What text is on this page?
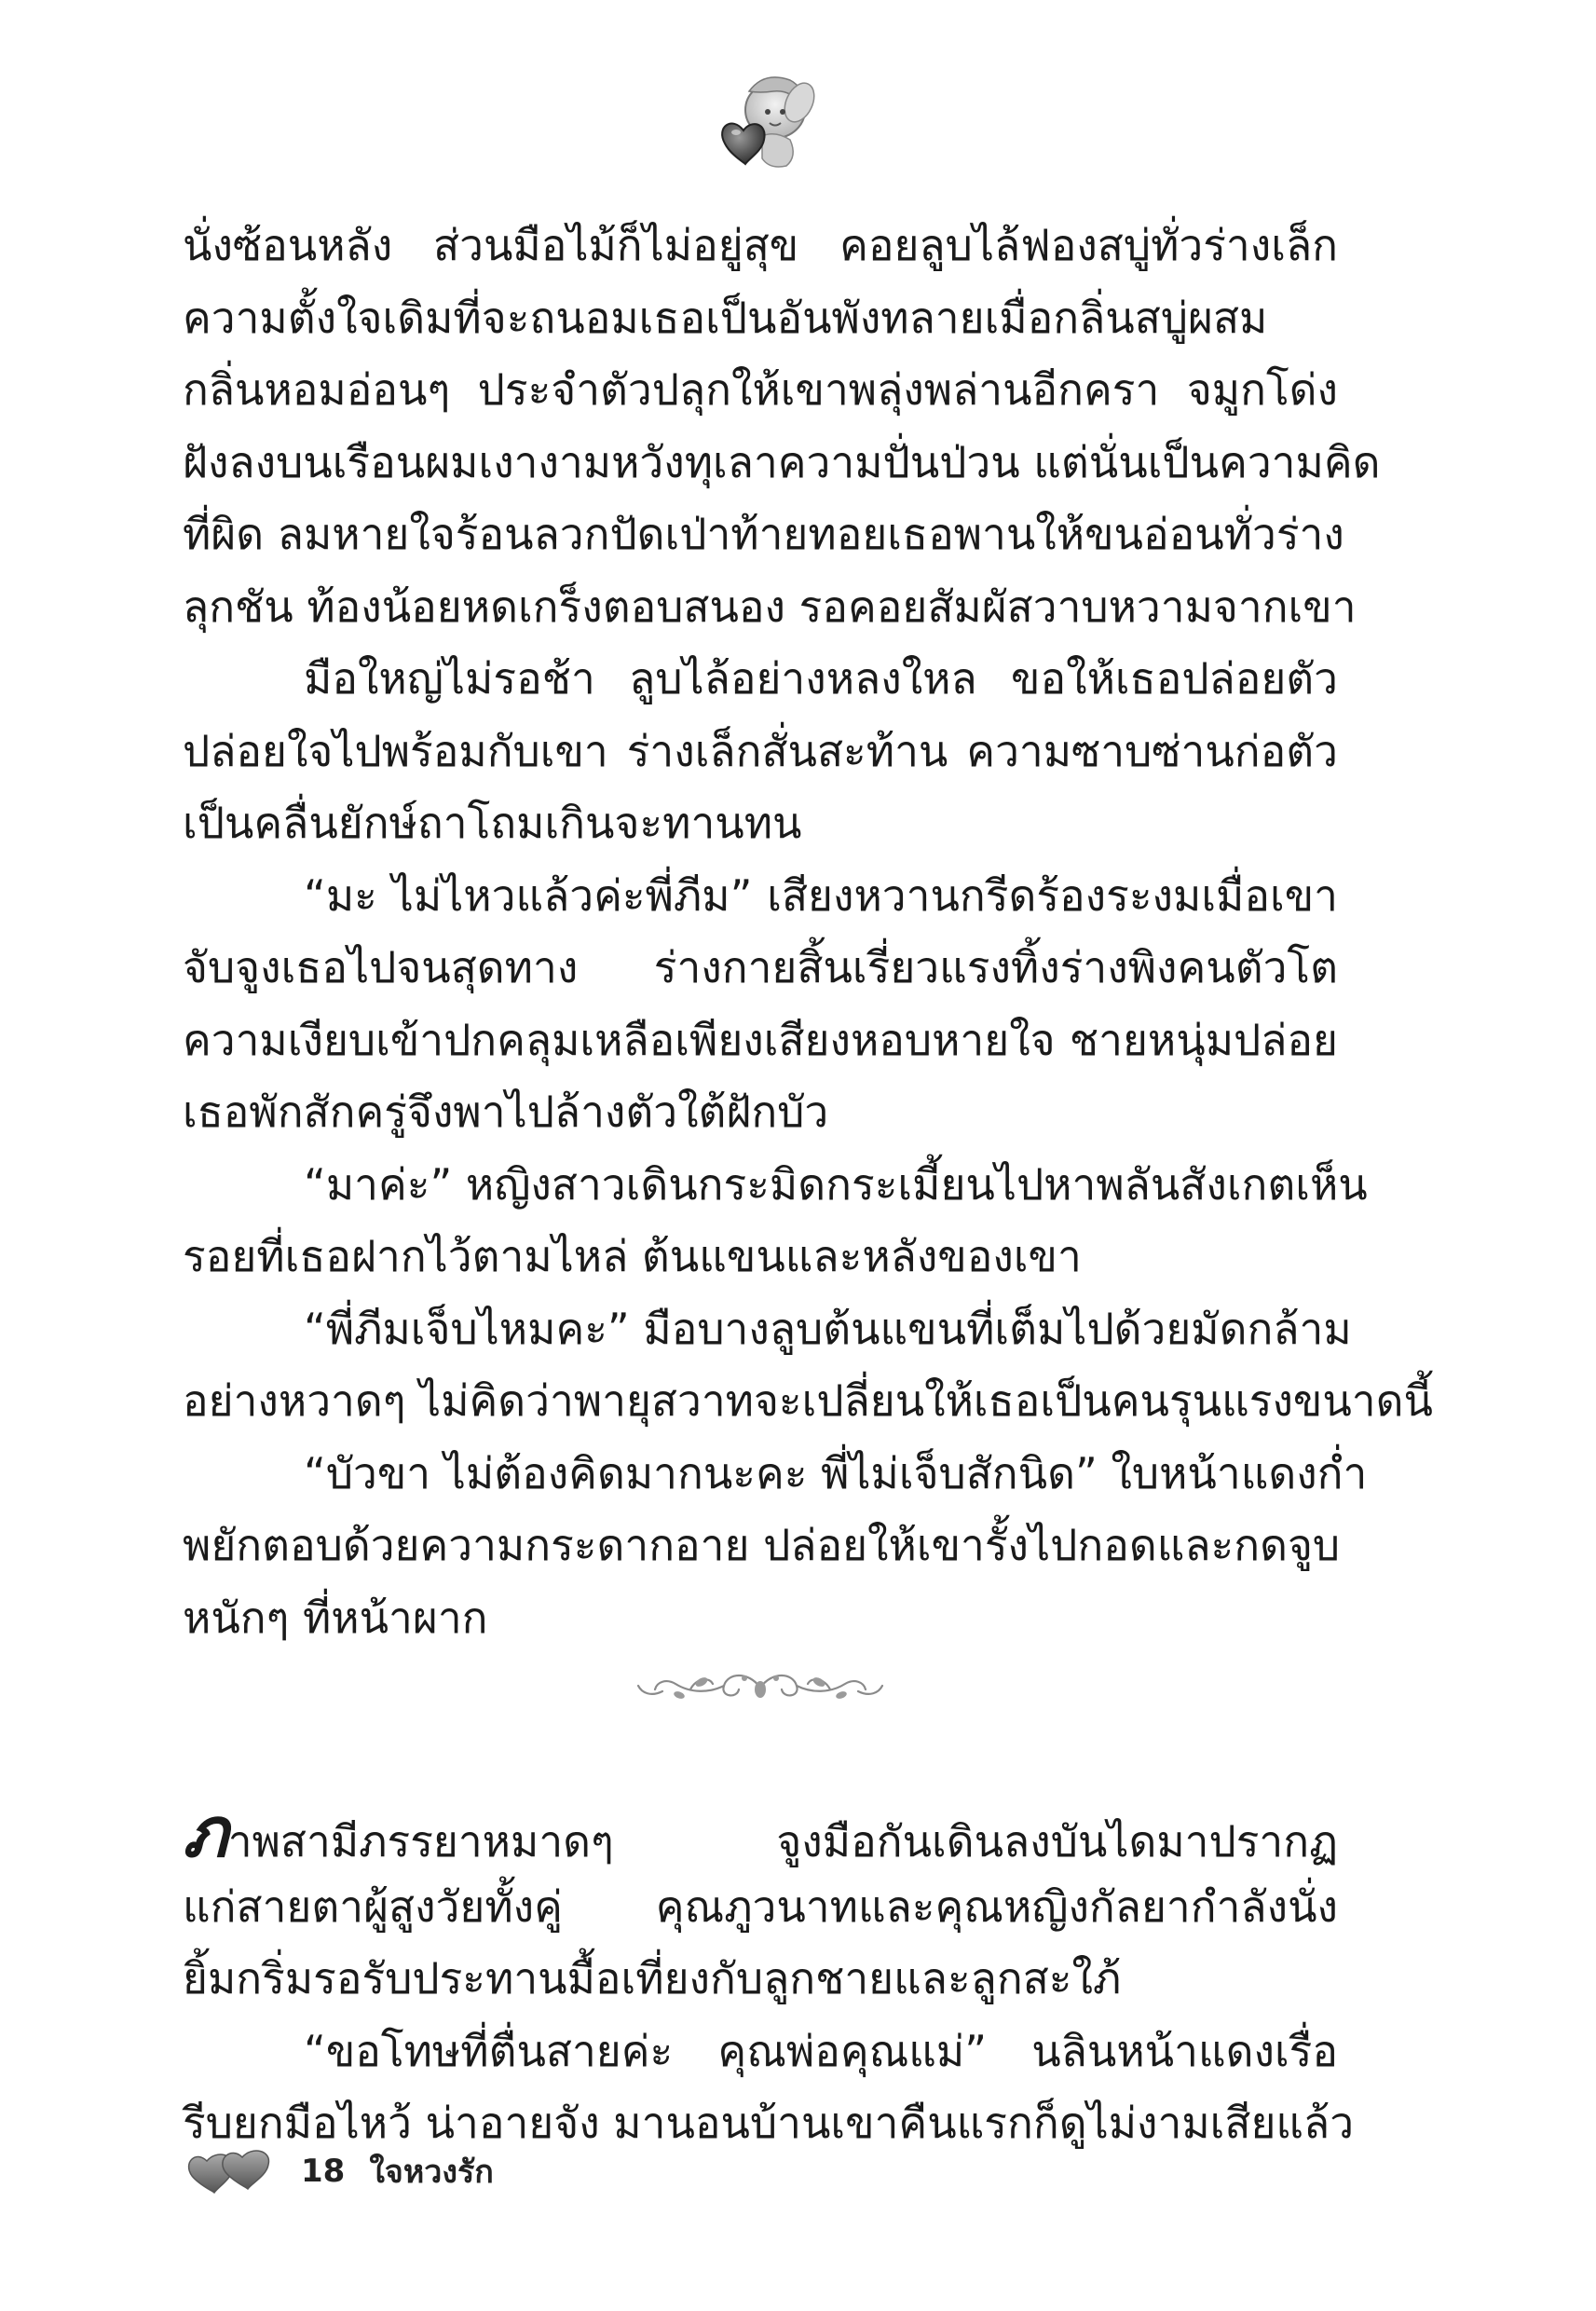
นั่งซ้อนหลัง ส่วนมือไม้ก็ไม่อยู่สุข คอยลูบไล้ฟองสบู่ทั่วร่างเล็ก
ความตั้งใจเดิมที่จะถนอมเธอเป็นอันพังทลายเมื่อกลิ่นสบู่ผสม
กลิ่นหอมอ่อนๆ ประจำตัวปลุกให้เขาพลุ่งพล่านอีกครา จมูกโด่ง
ฝังลงบนเรือนผมเงางามหวังทุเลาความปั่นป่วน แต่นั่นเป็นความคิด
ที่ผิด ลมหายใจร้อนลวกปัดเป่าท้ายทอยเธอพานให้ขนอ่อนทั่วร่าง
ลุกชัน ท้องน้อยหดเกร็งตอบสนอง รอคอยสัมผัสวาบหวามจากเขา
มือใหญ่ไม่รอช้า ลูบไล้อย่างหลงใหล ขอให้เธอปล่อยตัว
ปล่อยใจไปพร้อมกับเขา ร่างเล็กสั่นสะท้าน ความซาบซ่านก่อตัว
เป็นคลื่นยักษ์ถาโถมเกินจะทานทน
“มะ ไม่ไหวแล้วค่ะพี่ภีม” เสียงหวานกรีดร้องระงมเมื่อเขา
จับจูงเธอไปจนสุดทาง ร่างกายสิ้นเรี่ยวแรงทิ้งร่างพิงคนตัวโต
ความเงียบเข้าปกคลุมเหลือเพียงเสียงหอบหายใจ ชายหนุ่มปล่อย
เธอพักสักครู่จึงพาไปล้างตัวใต้ฝักบัว
“มาค่ะ” หญิงสาวเดินกระมิดกระเมี้ยนไปหาพลันสังเกตเห็น
รอยที่เธอฝากไว้ตามไหล่ ต้นแขนและหลังของเขา
“พี่ภีมเจ็บไหมคะ” มือบางลูบต้นแขนที่เต็มไปด้วยมัดกล้าม
อย่างหวาดๆ ไม่คิดว่าพายุสวาทจะเปลี่ยนให้เธอเป็นคนรุนแรงขนาดนี้
“บัวขา ไม่ต้องคิดมากนะคะ พี่ไม่เจ็บสักนิด” ใบหน้าแดงก่ำ
พยักตอบด้วยความกระดากอาย ปล่อยให้เขารั้งไปกอดและกดจูบ
หนักๆ ที่หน้าผาก
ภาพสามีภรรยาหมาดๆ จูงมือกันเดินลงบันไดมาปรากฏ
แก่สายตาผู้สูงวัยทั้งคู่ คุณภูวนาทและคุณหญิงกัลยากำลังนั่ง
ยิ้มกริ่มรอรับประทานมื้อเที่ยงกับลูกชายและลูกสะใภ้
“ขอโทษที่ตื่นสายค่ะ คุณพ่อคุณแม่” นลินหน้าแดงเรื่อ
รีบยกมือไหว้ น่าอายจัง มานอนบ้านเขาคืนแรกก็ดูไม่งามเสียแล้ว
18 ใจหวงรัก
